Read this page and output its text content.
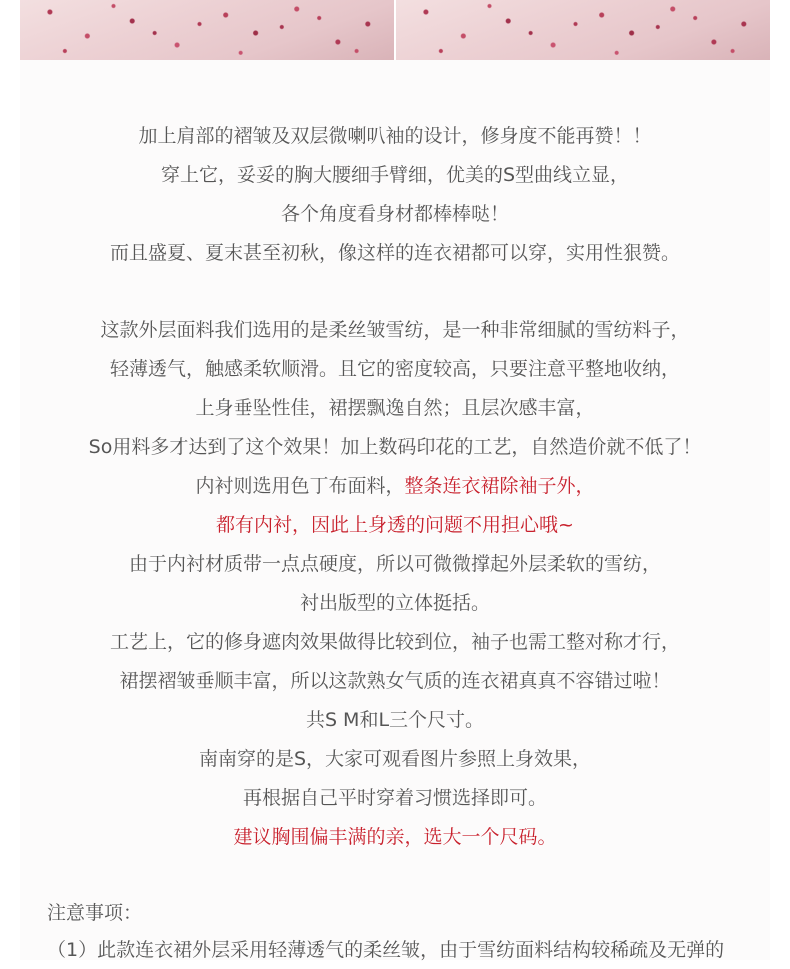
加上肩部的褶皱及双层微喇叭袖的设计，修身度不能再赞！！
穿上它，妥妥的胸大腰细手臂细，优美的S型曲线立显，
各个角度看身材都棒棒哒！
而且盛夏、夏末甚至初秋，像这样的连衣裙都可以穿，实用性狠赞。
这款外层面料我们选用的是柔丝皱雪纺，是一种非常细腻的雪纺料子，
轻薄透气，触感柔软顺滑。且它的密度较高，只要注意平整地收纳，
上身垂坠性佳，裙摆飘逸自然；且层次感丰富，
So用料多才达到了这个效果！加上数码印花的工艺，自然造价就不低了！
内衬则选用色丁布面料，整条连衣裙除袖子外，
都有内衬，因此上身透的问题不用担心哦~
由于内衬材质带一点点硬度，所以可微微撑起外层柔软的雪纺，
衬出版型的立体挺括。
工艺上，它的修身遮肉效果做得比较到位，袖子也需工整对称才行，
裙摆褶皱垂顺丰富，所以这款熟女气质的连衣裙真真不容错过啦！
共S M和L三个尺寸。
南南穿的是S，大家可观看图片参照上身效果，
再根据自己平时穿着习惯选择即可。
建议胸围偏丰满的亲，选大一个尺码。
注意事项：
（1）此款连衣裙外层采用轻薄透气的柔丝皱，由于雪纺面料结构较稀疏及无弹的
